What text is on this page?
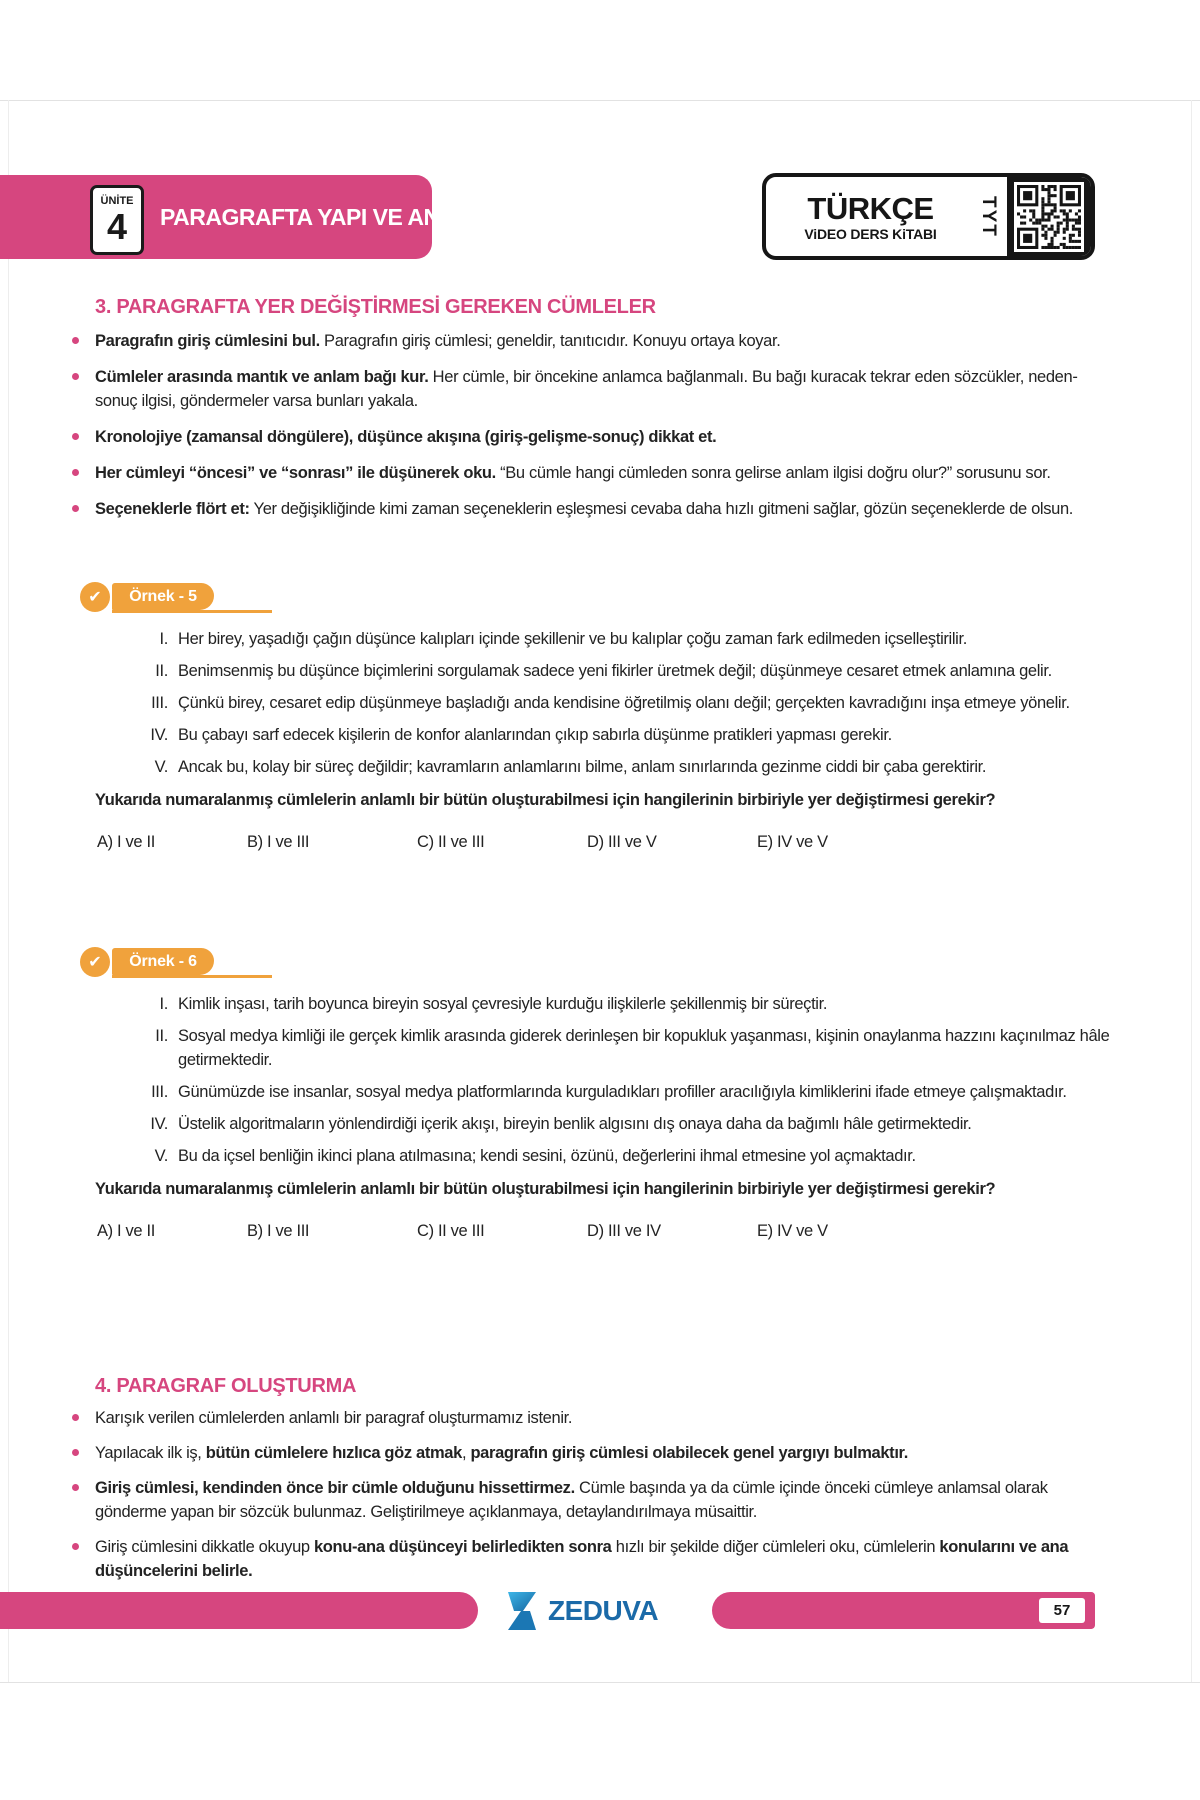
ÜNİTE
4 PARAGRAFTA YAPI VE ANLAM	TÜRKÇE
ViDEO DERS KiTABI TYT
3. PARAGRAFTA YER DEĞİŞTİRMESİ GEREKEN CÜMLELER

Paragrafın giriş cümlesini bul. Paragrafın giriş cümlesi; geneldir, tanıtıcıdır. Konuyu ortaya koyar.

Cümleler arasında mantık ve anlam bağı kur. Her cümle, bir öncekine anlamca bağlanmalı. Bu bağı kuracak tekrar eden sözcükler, neden-sonuç ilgisi, göndermeler varsa bunları yakala.

Kronolojiye (zamansal döngülere), düşünce akışına (giriş-gelişme-sonuç) dikkat et.

Her cümleyi “öncesi” ve “sonrası” ile düşünerek oku. “Bu cümle hangi cümleden sonra gelirse anlam ilgisi doğru olur?” sorusunu sor.

Seçeneklerle flört et: Yer değişikliğinde kimi zaman seçeneklerin eşleşmesi cevaba daha hızlı gitmeni sağlar, gözün seçeneklerde de olsun.

✔	Örnek - 5
I. Her birey, yaşadığı çağın düşünce kalıpları içinde şekillenir ve bu kalıplar çoğu zaman fark edilmeden içselleştirilir.

II. Benimsenmiş bu düşünce biçimlerini sorgulamak sadece yeni fikirler üretmek değil; düşünmeye cesaret etmek anlamına gelir.

III. Çünkü birey, cesaret edip düşünmeye başladığı anda kendisine öğretilmiş olanı değil; gerçekten kavradığını inşa etmeye yönelir.

IV. Bu çabayı sarf edecek kişilerin de konfor alanlarından çıkıp sabırla düşünme pratikleri yapması gerekir.

V. Ancak bu, kolay bir süreç değildir; kavramların anlamlarını bilme, anlam sınırlarında gezinme ciddi bir çaba gerektirir.

Yukarıda numaralanmış cümlelerin anlamlı bir bütün oluşturabilmesi için hangilerinin birbiriyle yer değiştirmesi gerekir?

A) I ve II	B) I ve III	C) II ve III	D) III ve V	E) IV ve V
✔	Örnek - 6
I. Kimlik inşası, tarih boyunca bireyin sosyal çevresiyle kurduğu ilişkilerle şekillenmiş bir süreçtir.

II. Sosyal medya kimliği ile gerçek kimlik arasında giderek derinleşen bir kopukluk yaşanması, kişinin onaylanma hazzını kaçınılmaz hâle getirmektedir.

III. Günümüzde ise insanlar, sosyal medya platformlarında kurguladıkları profiller aracılığıyla kimliklerini ifade etmeye çalışmaktadır.

IV. Üstelik algoritmaların yönlendirdiği içerik akışı, bireyin benlik algısını dış onaya daha da bağımlı hâle getirmektedir.

V. Bu da içsel benliğin ikinci plana atılmasına; kendi sesini, özünü, değerlerini ihmal etmesine yol açmaktadır.

Yukarıda numaralanmış cümlelerin anlamlı bir bütün oluşturabilmesi için hangilerinin birbiriyle yer değiştirmesi gerekir?

A) I ve II	B) I ve III	C) II ve III	D) III ve IV	E) IV ve V
4. PARAGRAF OLUŞTURMA

Karışık verilen cümlelerden anlamlı bir paragraf oluşturmamız istenir.

Yapılacak ilk iş, bütün cümlelere hızlıca göz atmak, paragrafın giriş cümlesi olabilecek genel yargıyı bulmaktır.

Giriş cümlesi, kendinden önce bir cümle olduğunu hissettirmez. Cümle başında ya da cümle içinde önceki cümleye anlamsal olarak gönderme yapan bir sözcük bulunmaz. Geliştirilmeye açıklanmaya, detaylandırılmaya müsaittir.

Giriş cümlesini dikkatle okuyup konu-ana düşünceyi belirledikten sonra hızlı bir şekilde diğer cümleleri oku, cümlelerin konularını ve ana düşüncelerini belirle.

ZEDUVA	57
